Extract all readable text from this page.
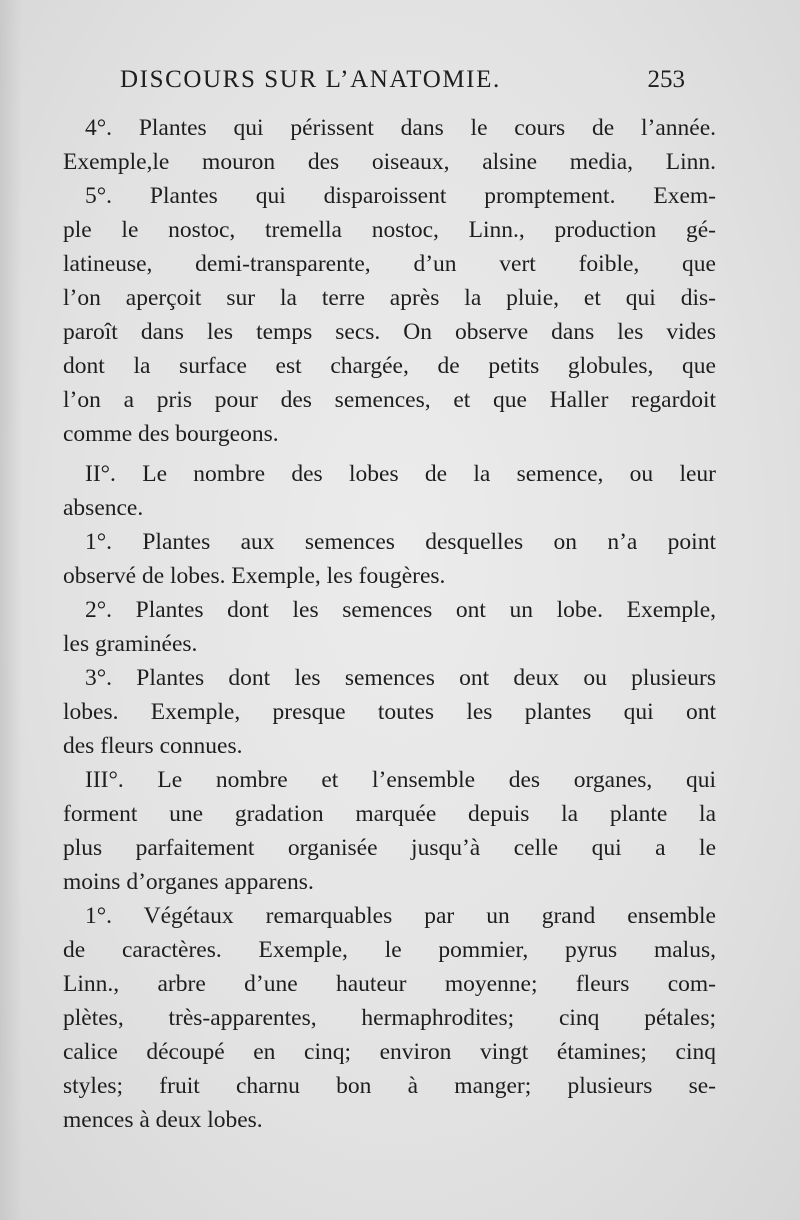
DISCOURS SUR L’ANATOMIE.	253
4°. Plantes qui périssent dans le cours de l’année.
Exemple,le mouron des oiseaux, alsine media, Linn.
5°. Plantes qui disparoissent promptement. Exem-
ple le nostoc, tremella nostoc, Linn., production gé-
latineuse, demi-transparente, d’un vert foible, que
l’on aperçoit sur la terre après la pluie, et qui dis-
paroît dans les temps secs. On observe dans les vides
dont la surface est chargée, de petits globules, que
l’on a pris pour des semences, et que Haller regardoit
comme des bourgeons.
II°. Le nombre des lobes de la semence, ou leur
absence.
1°. Plantes aux semences desquelles on n’a point
observé de lobes. Exemple, les fougères.
2°. Plantes dont les semences ont un lobe. Exemple,
les graminées.
3°. Plantes dont les semences ont deux ou plusieurs
lobes. Exemple, presque toutes les plantes qui ont
des fleurs connues.
III°. Le nombre et l’ensemble des organes, qui
forment une gradation marquée depuis la plante la
plus parfaitement organisée jusqu’à celle qui a le
moins d’organes apparens.
1°. Végétaux remarquables par un grand ensemble
de caractères. Exemple, le pommier, pyrus malus,
Linn., arbre d’une hauteur moyenne; fleurs com-
plètes, très-apparentes, hermaphrodites; cinq pétales;
calice découpé en cinq; environ vingt étamines; cinq
styles; fruit charnu bon à manger; plusieurs se-
mences à deux lobes.
